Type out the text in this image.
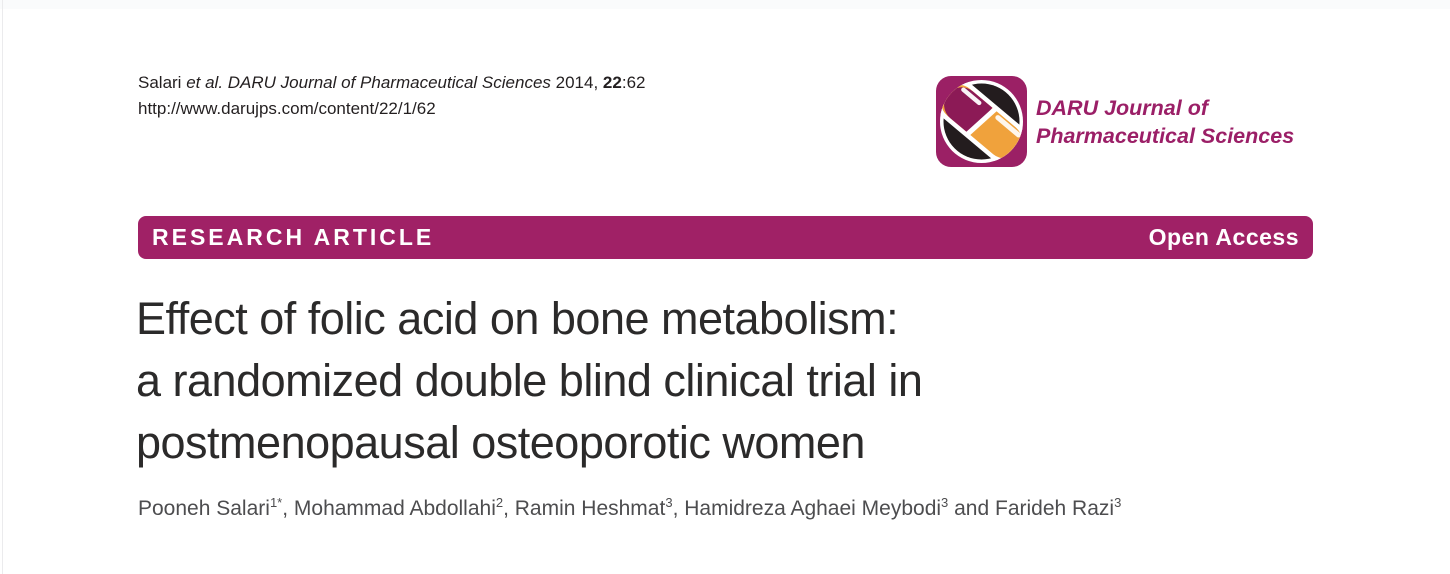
Salari et al. DARU Journal of Pharmaceutical Sciences 2014, 22:62
http://www.darujps.com/content/22/1/62	DARU Journal of
Pharmaceutical Sciences
RESEARCH ARTICLE	Open Access
Effect of folic acid on bone metabolism:
a randomized double blind clinical trial in
postmenopausal osteoporotic women
Pooneh Salari$^{1*}$, Mohammad Abdollahi$^2$, Ramin Heshmat$^3$, Hamidreza Aghaei Meybodi$^3$ and Farideh Razi$^3$
